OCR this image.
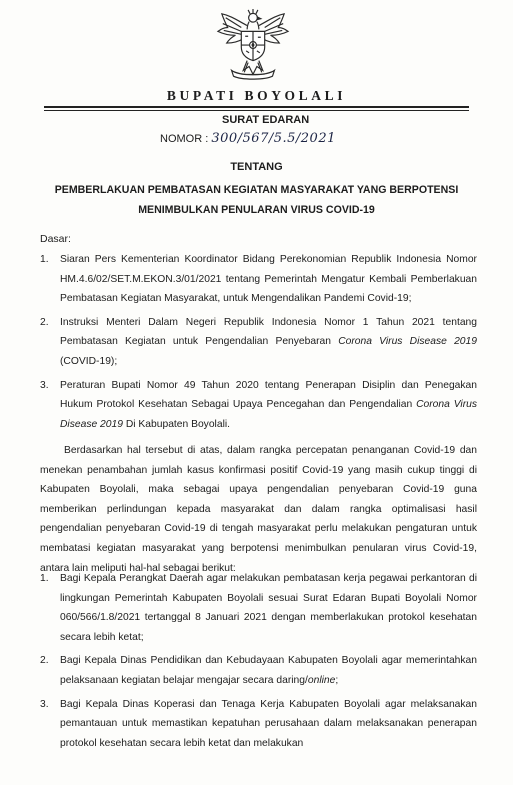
BUPATI BOYOLALI
SURAT EDARAN
NOMOR : 300/567/5.5/2021
TENTANG
PEMBERLAKUAN PEMBATASAN KEGIATAN MASYARAKAT YANG BERPOTENSI
MENIMBULKAN PENULARAN VIRUS COVID-19
Dasar:
1. Siaran Pers Kementerian Koordinator Bidang Perekonomian Republik Indonesia Nomor HM.4.6/02/SET.M.EKON.3/01/2021 tentang Pemerintah Mengatur Kembali Pemberlakuan Pembatasan Kegiatan Masyarakat, untuk Mengendalikan Pandemi Covid-19;
2. Instruksi Menteri Dalam Negeri Republik Indonesia Nomor 1 Tahun 2021 tentang Pembatasan Kegiatan untuk Pengendalian Penyebaran Corona Virus Disease 2019 (COVID-19);
3. Peraturan Bupati Nomor 49 Tahun 2020 tentang Penerapan Disiplin dan Penegakan Hukum Protokol Kesehatan Sebagai Upaya Pencegahan dan Pengendalian Corona Virus Disease 2019 Di Kabupaten Boyolali.

Berdasarkan hal tersebut di atas, dalam rangka percepatan penanganan Covid-19 dan menekan penambahan jumlah kasus konfirmasi positif Covid-19 yang masih cukup tinggi di Kabupaten Boyolali, maka sebagai upaya pengendalian penyebaran Covid-19 guna memberikan perlindungan kepada masyarakat dan dalam rangka optimalisasi hasil pengendalian penyebaran Covid-19 di tengah masyarakat perlu melakukan pengaturan untuk membatasi kegiatan masyarakat yang berpotensi menimbulkan penularan virus Covid-19, antara lain meliputi hal-hal sebagai berikut:

1. Bagi Kepala Perangkat Daerah agar melakukan pembatasan kerja pegawai perkantoran di lingkungan Pemerintah Kabupaten Boyolali sesuai Surat Edaran Bupati Boyolali Nomor 060/566/1.8/2021 tertanggal 8 Januari 2021 dengan memberlakukan protokol kesehatan secara lebih ketat;
2. Bagi Kepala Dinas Pendidikan dan Kebudayaan Kabupaten Boyolali agar memerintahkan pelaksanaan kegiatan belajar mengajar secara daring/online;
3. Bagi Kepala Dinas Koperasi dan Tenaga Kerja Kabupaten Boyolali agar melaksanakan pemantauan untuk memastikan kepatuhan perusahaan dalam melaksanakan penerapan protokol kesehatan secara lebih ketat dan melakukan
